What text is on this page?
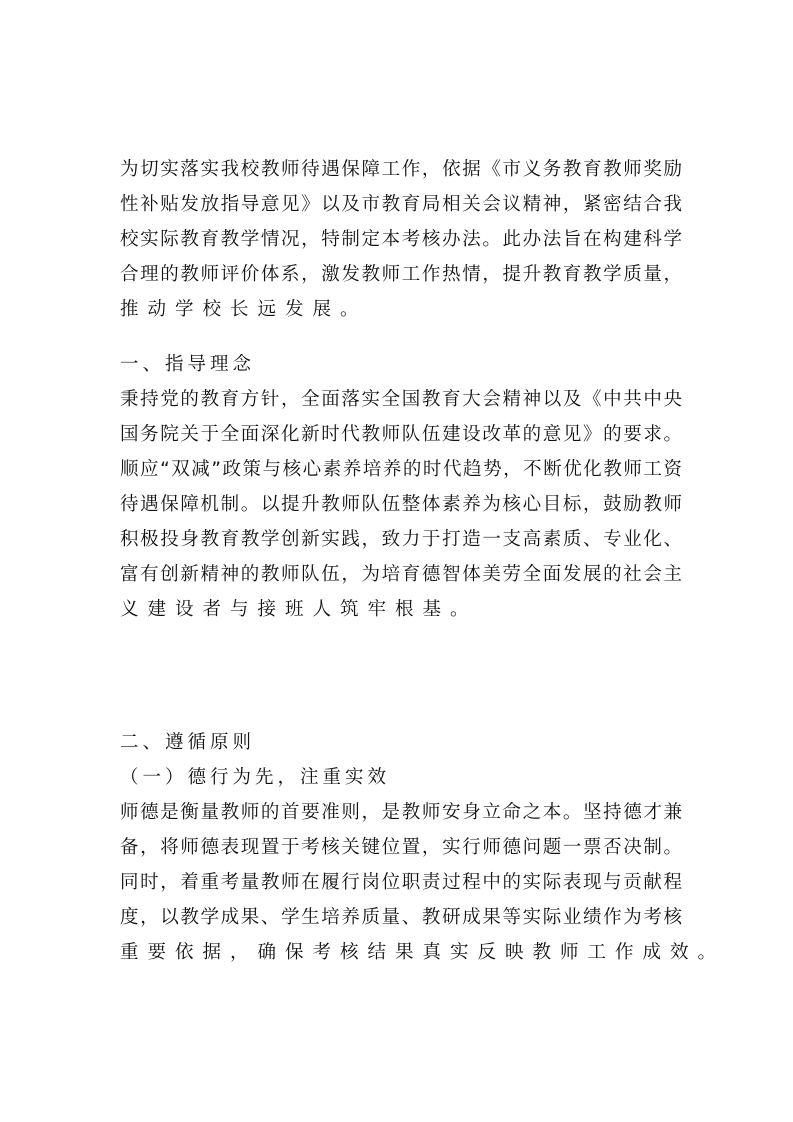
为切实落实我校教师待遇保障工作，依据《市义务教育教师奖励
性补贴发放指导意见》以及市教育局相关会议精神，紧密结合我
校实际教育教学情况，特制定本考核办法。此办法旨在构建科学
合理的教师评价体系，激发教师工作热情，提升教育教学质量，
推动学校长远发展。
一、指导理念
秉持党的教育方针，全面落实全国教育大会精神以及《中共中央
国务院关于全面深化新时代教师队伍建设改革的意见》的要求。
顺应“双减”政策与核心素养培养的时代趋势，不断优化教师工资
待遇保障机制。以提升教师队伍整体素养为核心目标，鼓励教师
积极投身教育教学创新实践，致力于打造一支高素质、专业化、
富有创新精神的教师队伍，为培育德智体美劳全面发展的社会主
义建设者与接班人筑牢根基。
二、遵循原则
（一）德行为先，注重实效
师德是衡量教师的首要准则，是教师安身立命之本。坚持德才兼
备，将师德表现置于考核关键位置，实行师德问题一票否决制。
同时，着重考量教师在履行岗位职责过程中的实际表现与贡献程
度，以教学成果、学生培养质量、教研成果等实际业绩作为考核
重要依据，确保考核结果真实反映教师工作成效。
